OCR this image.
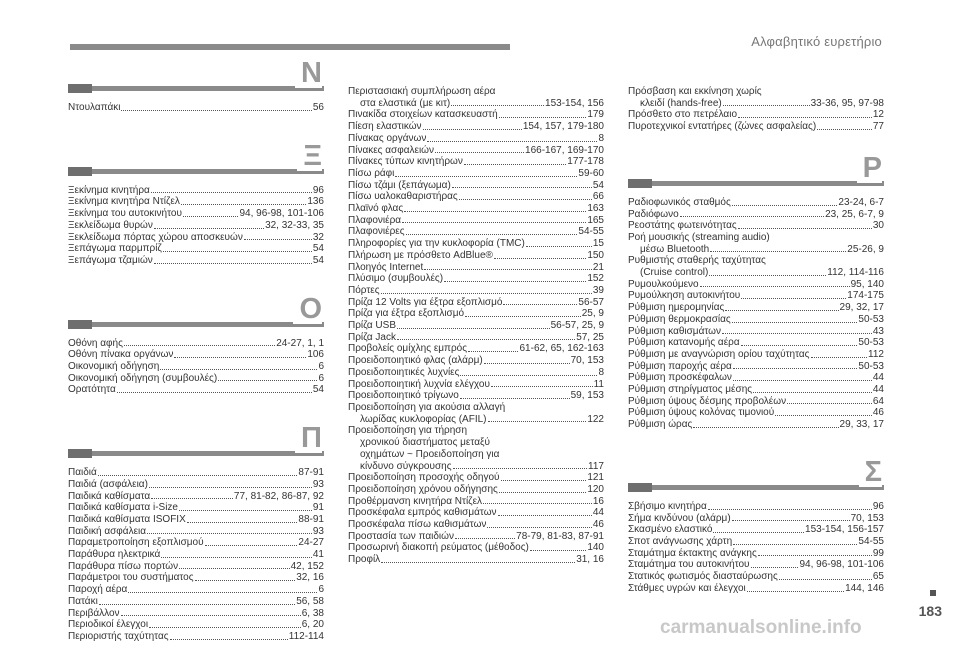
Αλφαβητικό ευρετήριο
Ν
Ντουλαπάκι	56
Ξ
Ξεκίνημα κινητήρα	96
Ξεκίνημα κινητήρα Ντίζελ	136
Ξεκίνημα του αυτοκινήτου	94, 96-98, 101-106
Ξεκλείδωμα θυρών	32, 32-33, 35
Ξεκλείδωμα πόρτας χώρου αποσκευών	32
Ξεπάγωμα παρμπρίζ	54
Ξεπάγωμα τζαμιών	54
Ο
Οθόνη αφής	24-27, 1, 1
Οθόνη πίνακα οργάνων	106
Οικονομική οδήγηση	6
Οικονομική οδήγηση (συμβουλές)	6
Ορατότητα	54
Π
Παιδιά	87-91
Παιδιά (ασφάλεια)	93
Παιδικά καθίσματα	77, 81-82, 86-87, 92
Παιδικά καθίσματα i-Size	91
Παιδικά καθίσματα ISOFIX	88-91
Παιδική ασφάλεια	93
Παραμετροποίηση εξοπλισμού	24-27
Παράθυρα ηλεκτρικά	41
Παράθυρα πίσω πορτών	42, 152
Παράμετροι του συστήματος	32, 16
Παροχή αέρα	6
Πατάκι	56, 58
Περιβάλλον	6, 38
Περιοδικοί έλεγχοι	6, 20
Περιοριστής ταχύτητας	112-114
Περιστασιακή συμπλήρωση αέρα
στα ελαστικά (με κιτ)	153-154, 156
Πινακίδα στοιχείων κατασκευαστή	179
Πίεση ελαστικών	154, 157, 179-180
Πίνακας οργάνων	8
Πίνακες ασφαλειών	166-167, 169-170
Πίνακες τύπων κινητήρων	177-178
Πίσω ράφι	59-60
Πίσω τζάμι (ξεπάγωμα)	54
Πίσω υαλοκαθαριστήρας	66
Πλαϊνό φλας	163
Πλαφονιέρα	165
Πλαφονιέρες	54-55
Πληροφορίες για την κυκλοφορία (TMC)	15
Πλήρωση με πρόσθετο AdBlue®	150
Πλοηγός Internet	21
Πλύσιμο (συμβουλές)	152
Πόρτες	39
Πρίζα 12 Volts για έξτρα εξοπλισμό	56-57
Πρίζα για έξτρα εξοπλισμό	25, 9
Πρίζα USB	56-57, 25, 9
Πρίζα Jack	57, 25
Προβολείς ομίχλης εμπρός	61-62, 65, 162-163
Προειδοποιητικό φλας (αλάρμ)	70, 153
Προειδοποιητικές λυχνίες	8
Προειδοποιητική λυχνία ελέγχου	11
Προειδοποιητικό τρίγωνο	59, 153
Προειδοποίηση για ακούσια αλλαγή
λωρίδας κυκλοφορίας (AFIL)	122
Προειδοποίηση για τήρηση
χρονικού διαστήματος μεταξύ
οχημάτων ~ Προειδοποίηση για
κίνδυνο σύγκρουσης	117
Προειδοποίηση προσοχής οδηγού	121
Προειδοποίηση χρόνου οδήγησης	120
Προθέρμανση κινητήρα Ντίζελ	16
Προσκέφαλα εμπρός καθισμάτων	44
Προσκέφαλα πίσω καθισμάτων	46
Προστασία των παιδιών	78-79, 81-83, 87-91
Προσωρινή διακοπή ρεύματος (μέθοδος)	140
Προφίλ	31, 16
Πρόσβαση και εκκίνηση χωρίς
κλειδί (hands-free)	33-36, 95, 97-98
Πρόσθετο στο πετρέλαιο	12
Πυροτεχνικοί εντατήρες (ζώνες ασφαλείας)	77
Ρ
Ραδιοφωνικός σταθμός	23-24, 6-7
Ραδιόφωνο	23, 25, 6-7, 9
Ρεοστάτης φωτεινότητας	30
Ροή μουσικής (streaming audio)
μέσω Bluetooth	25-26, 9
Ρυθμιστής σταθερής ταχύτητας
(Cruise control)	112, 114-116
Ρυμουλκούμενο	95, 140
Ρυμούλκηση αυτοκινήτου	174-175
Ρύθμιση ημερομηνίας	29, 32, 17
Ρύθμιση θερμοκρασίας	50-53
Ρύθμιση καθισμάτων	43
Ρύθμιση κατανομής αέρα	50-53
Ρύθμιση με αναγνώριση ορίου ταχύτητας	112
Ρύθμιση παροχής αέρα	50-53
Ρύθμιση προσκέφαλων	44
Ρύθμιση στηρίγματος μέσης	44
Ρύθμιση ύψους δέσμης προβολέων	64
Ρύθμιση ύψους κολόνας τιμονιού	46
Ρύθμιση ώρας	29, 33, 17
Σ
Σβήσιμο κινητήρα	96
Σήμα κινδύνου (αλάρμ)	70, 153
Σκασμένο ελαστικό	153-154, 156-157
Σποτ ανάγνωσης χάρτη	54-55
Σταμάτημα έκτακτης ανάγκης	99
Σταμάτημα του αυτοκινήτου	94, 96-98, 101-106
Στατικός φωτισμός διασταύρωσης	65
Στάθμες υγρών και έλεγχοι	144, 146
183
carmanualsonline.info
